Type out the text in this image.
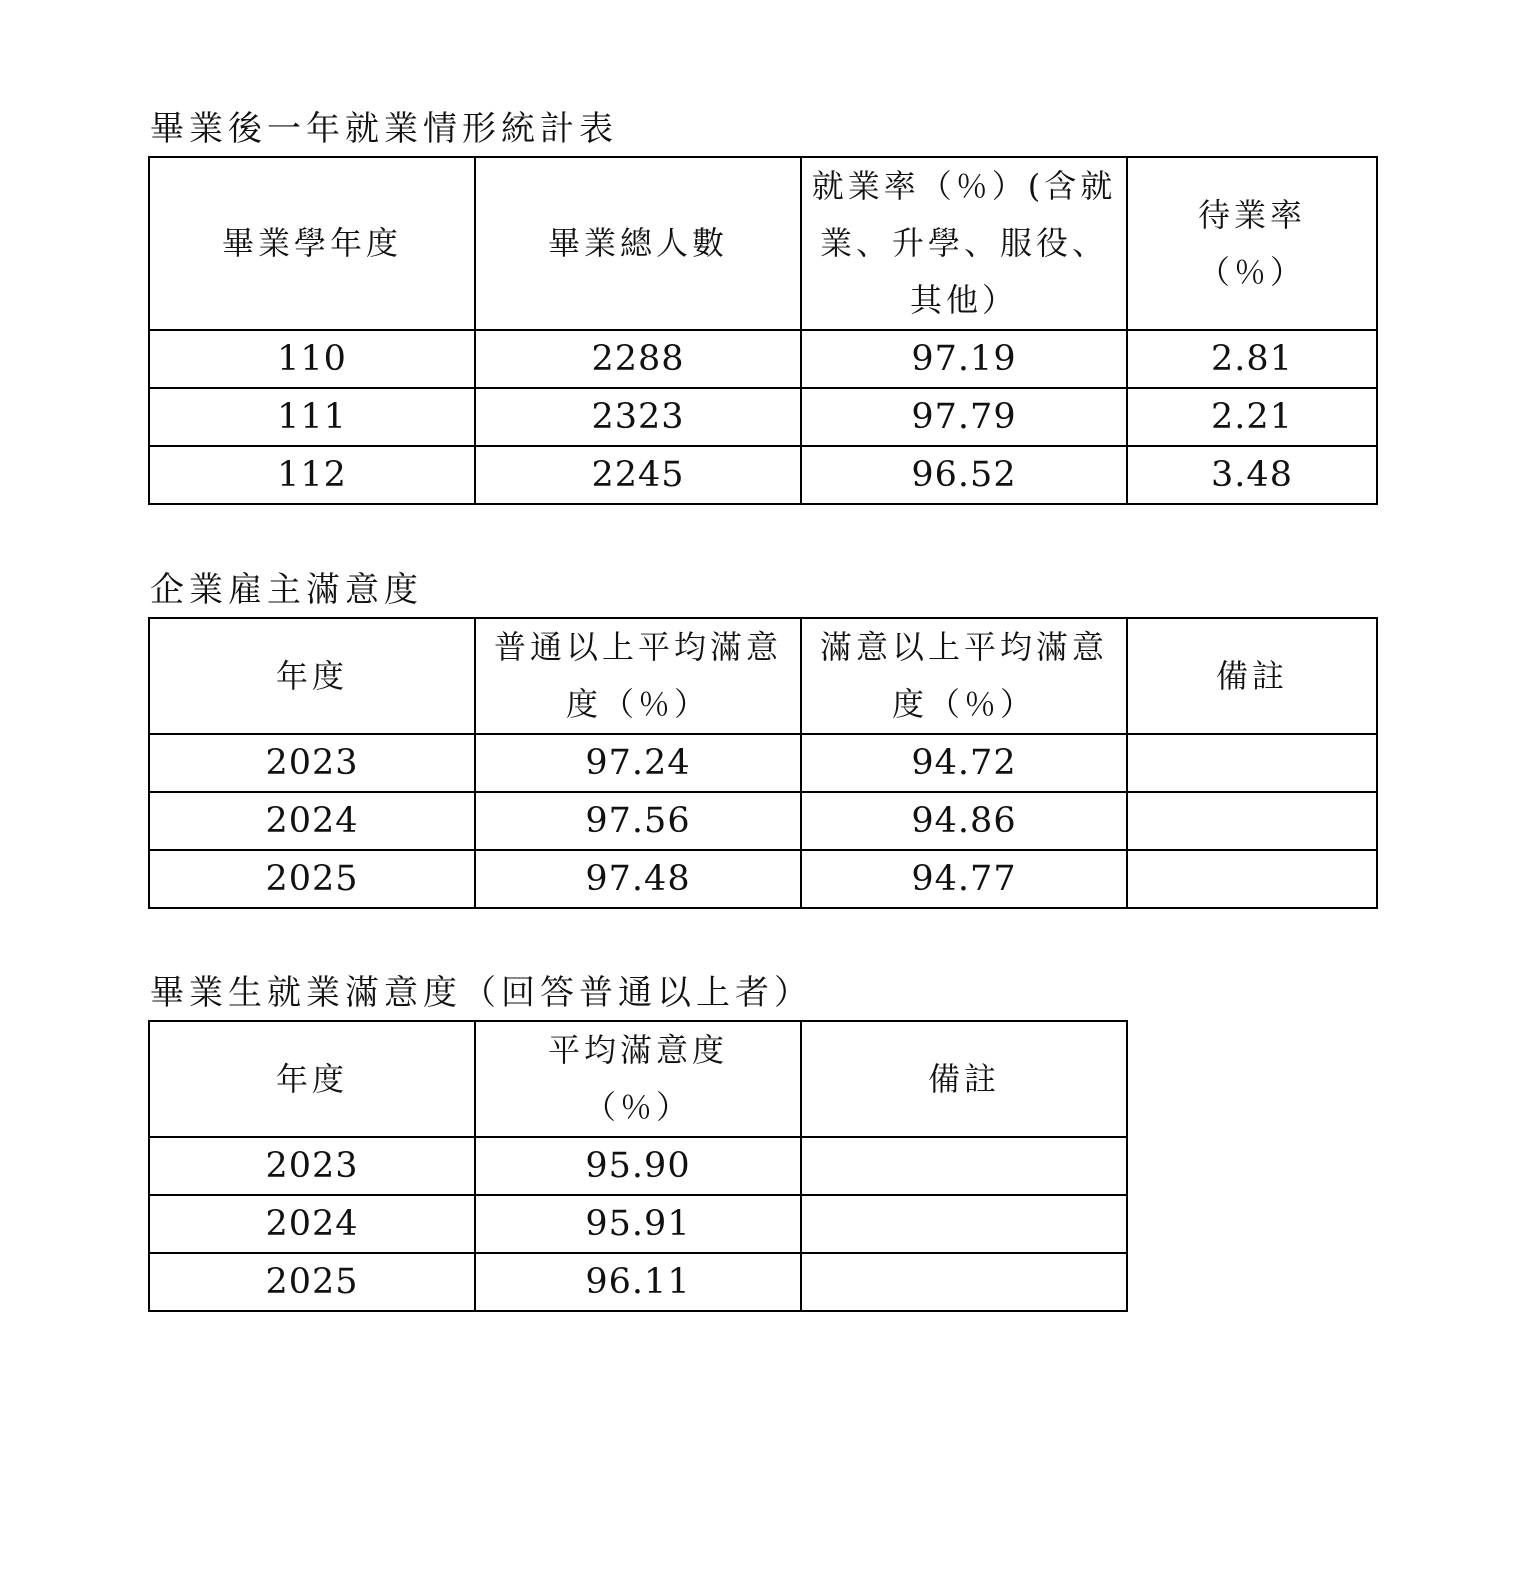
畢業後一年就業情形統計表
畢業學年度	畢業總人數	就業率（％）(含就業、升學、服役、其他）	待業率（％）
110	2288	97.19	2.81
111	2323	97.79	2.21
112	2245	96.52	3.48
企業雇主滿意度
年度	普通以上平均滿意度（％）	滿意以上平均滿意度（％）	備註
2023	97.24	94.72	
2024	97.56	94.86	
2025	97.48	94.77	
畢業生就業滿意度（回答普通以上者）
年度	平均滿意度（％）	備註
2023	95.90	
2024	95.91	
2025	96.11	
